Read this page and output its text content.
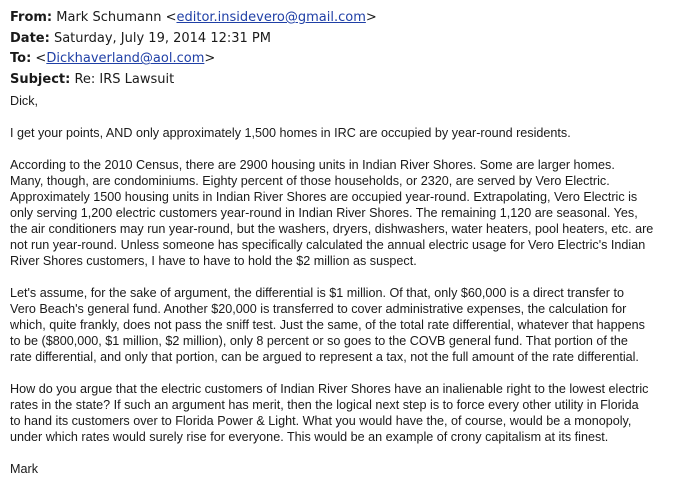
From: Mark Schumann <editor.insidevero@gmail.com>
Date: Saturday, July 19, 2014 12:31 PM
To: <Dickhaverland@aol.com>
Subject: Re: IRS Lawsuit

Dick,

I get your points, AND only approximately 1,500 homes in IRC are occupied by year-round residents.

According to the 2010 Census, there are 2900 housing units in Indian River Shores. Some are larger homes.
Many, though, are condominiums. Eighty percent of those households, or 2320, are served by Vero Electric.
Approximately 1500 housing units in Indian River Shores are occupied year-round. Extrapolating, Vero Electric is
only serving 1,200 electric customers year-round in Indian River Shores. The remaining 1,120 are seasonal. Yes,
the air conditioners may run year-round, but the washers, dryers, dishwashers, water heaters, pool heaters, etc. are
not run year-round. Unless someone has specifically calculated the annual electric usage for Vero Electric's Indian
River Shores customers, I have to have to hold the $2 million as suspect.

Let's assume, for the sake of argument, the differential is $1 million. Of that, only $60,000 is a direct transfer to
Vero Beach's general fund. Another $20,000 is transferred to cover administrative expenses, the calculation for
which, quite frankly, does not pass the sniff test. Just the same, of the total rate differential, whatever that happens
to be ($800,000, $1 million, $2 million), only 8 percent or so goes to the COVB general fund. That portion of the
rate differential, and only that portion, can be argued to represent a tax, not the full amount of the rate differential.

How do you argue that the electric customers of Indian River Shores have an inalienable right to the lowest electric
rates in the state? If such an argument has merit, then the logical next step is to force every other utility in Florida
to hand its customers over to Florida Power & Light. What you would have the, of course, would be a monopoly,
under which rates would surely rise for everyone. This would be an example of crony capitalism at its finest.

Mark
